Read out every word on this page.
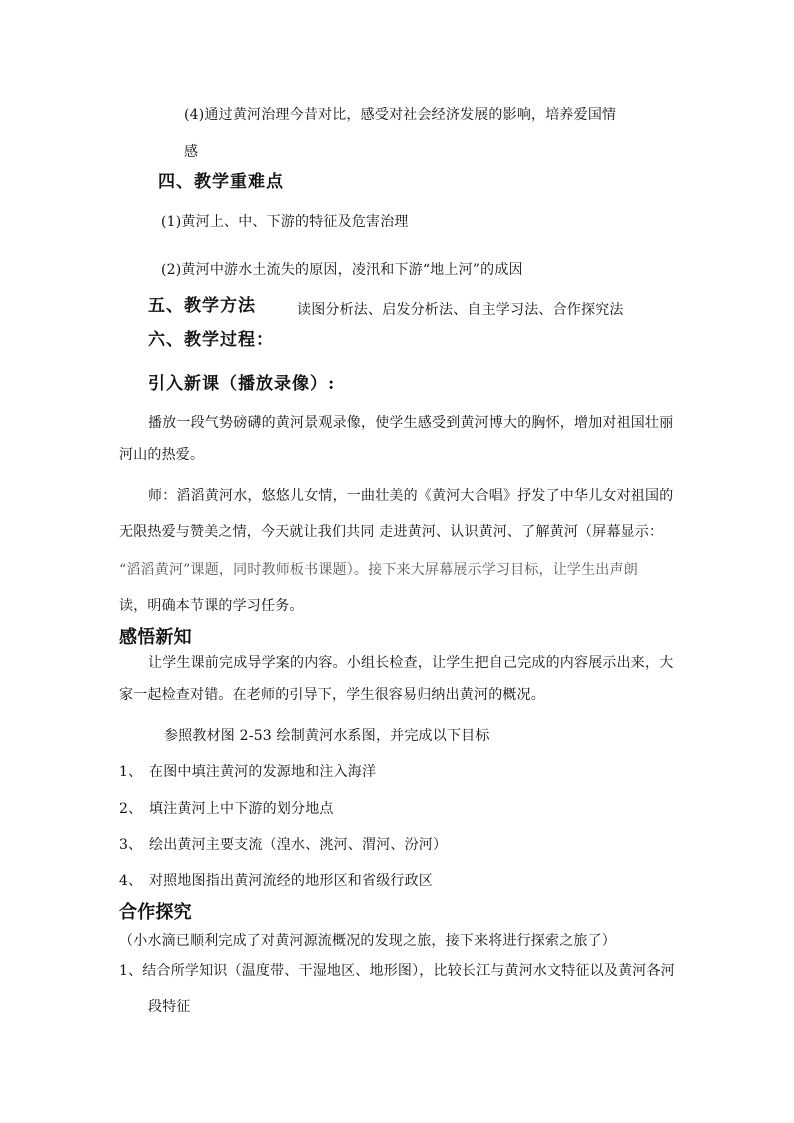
(4)通过黄河治理今昔对比，感受对社会经济发展的影响，培养爱国情
感
四、教学重难点
(1)黄河上、中、下游的特征及危害治理
(2)黄河中游水土流失的原因，凌汛和下游“地上河”的成因
五、教学方法	读图分析法、启发分析法、自主学习法、合作探究法
六、教学过程：
引入新课（播放录像）:
播放一段气势磅礴的黄河景观录像，使学生感受到黄河博大的胸怀，增加对祖国壮丽
河山的热爱。
师：滔滔黄河水，悠悠儿女情，一曲壮美的《黄河大合唱》抒发了中华儿女对祖国的
无限热爱与赞美之情，今天就让我们共同 走进黄河、认识黄河、了解黄河（屏幕显示：
“滔滔黄河”课题，同时教师板书课题）。接下来大屏幕展示学习目标，让学生出声朗
读，明确本节课的学习任务。
感悟新知
让学生课前完成导学案的内容。小组长检查，让学生把自己完成的内容展示出来，大
家一起检查对错。在老师的引导下，学生很容易归纳出黄河的概况。
参照教材图 2-53 绘制黄河水系图，并完成以下目标
1、 在图中填注黄河的发源地和注入海洋
2、 填注黄河上中下游的划分地点
3、 绘出黄河主要支流（湟水、洮河、渭河、汾河）
4、 对照地图指出黄河流经的地形区和省级行政区
合作探究
（小水滴已顺利完成了对黄河源流概况的发现之旅，接下来将进行探索之旅了）
1、结合所学知识（温度带、干湿地区、地形图），比较长江与黄河水文特征以及黄河各河
段特征
